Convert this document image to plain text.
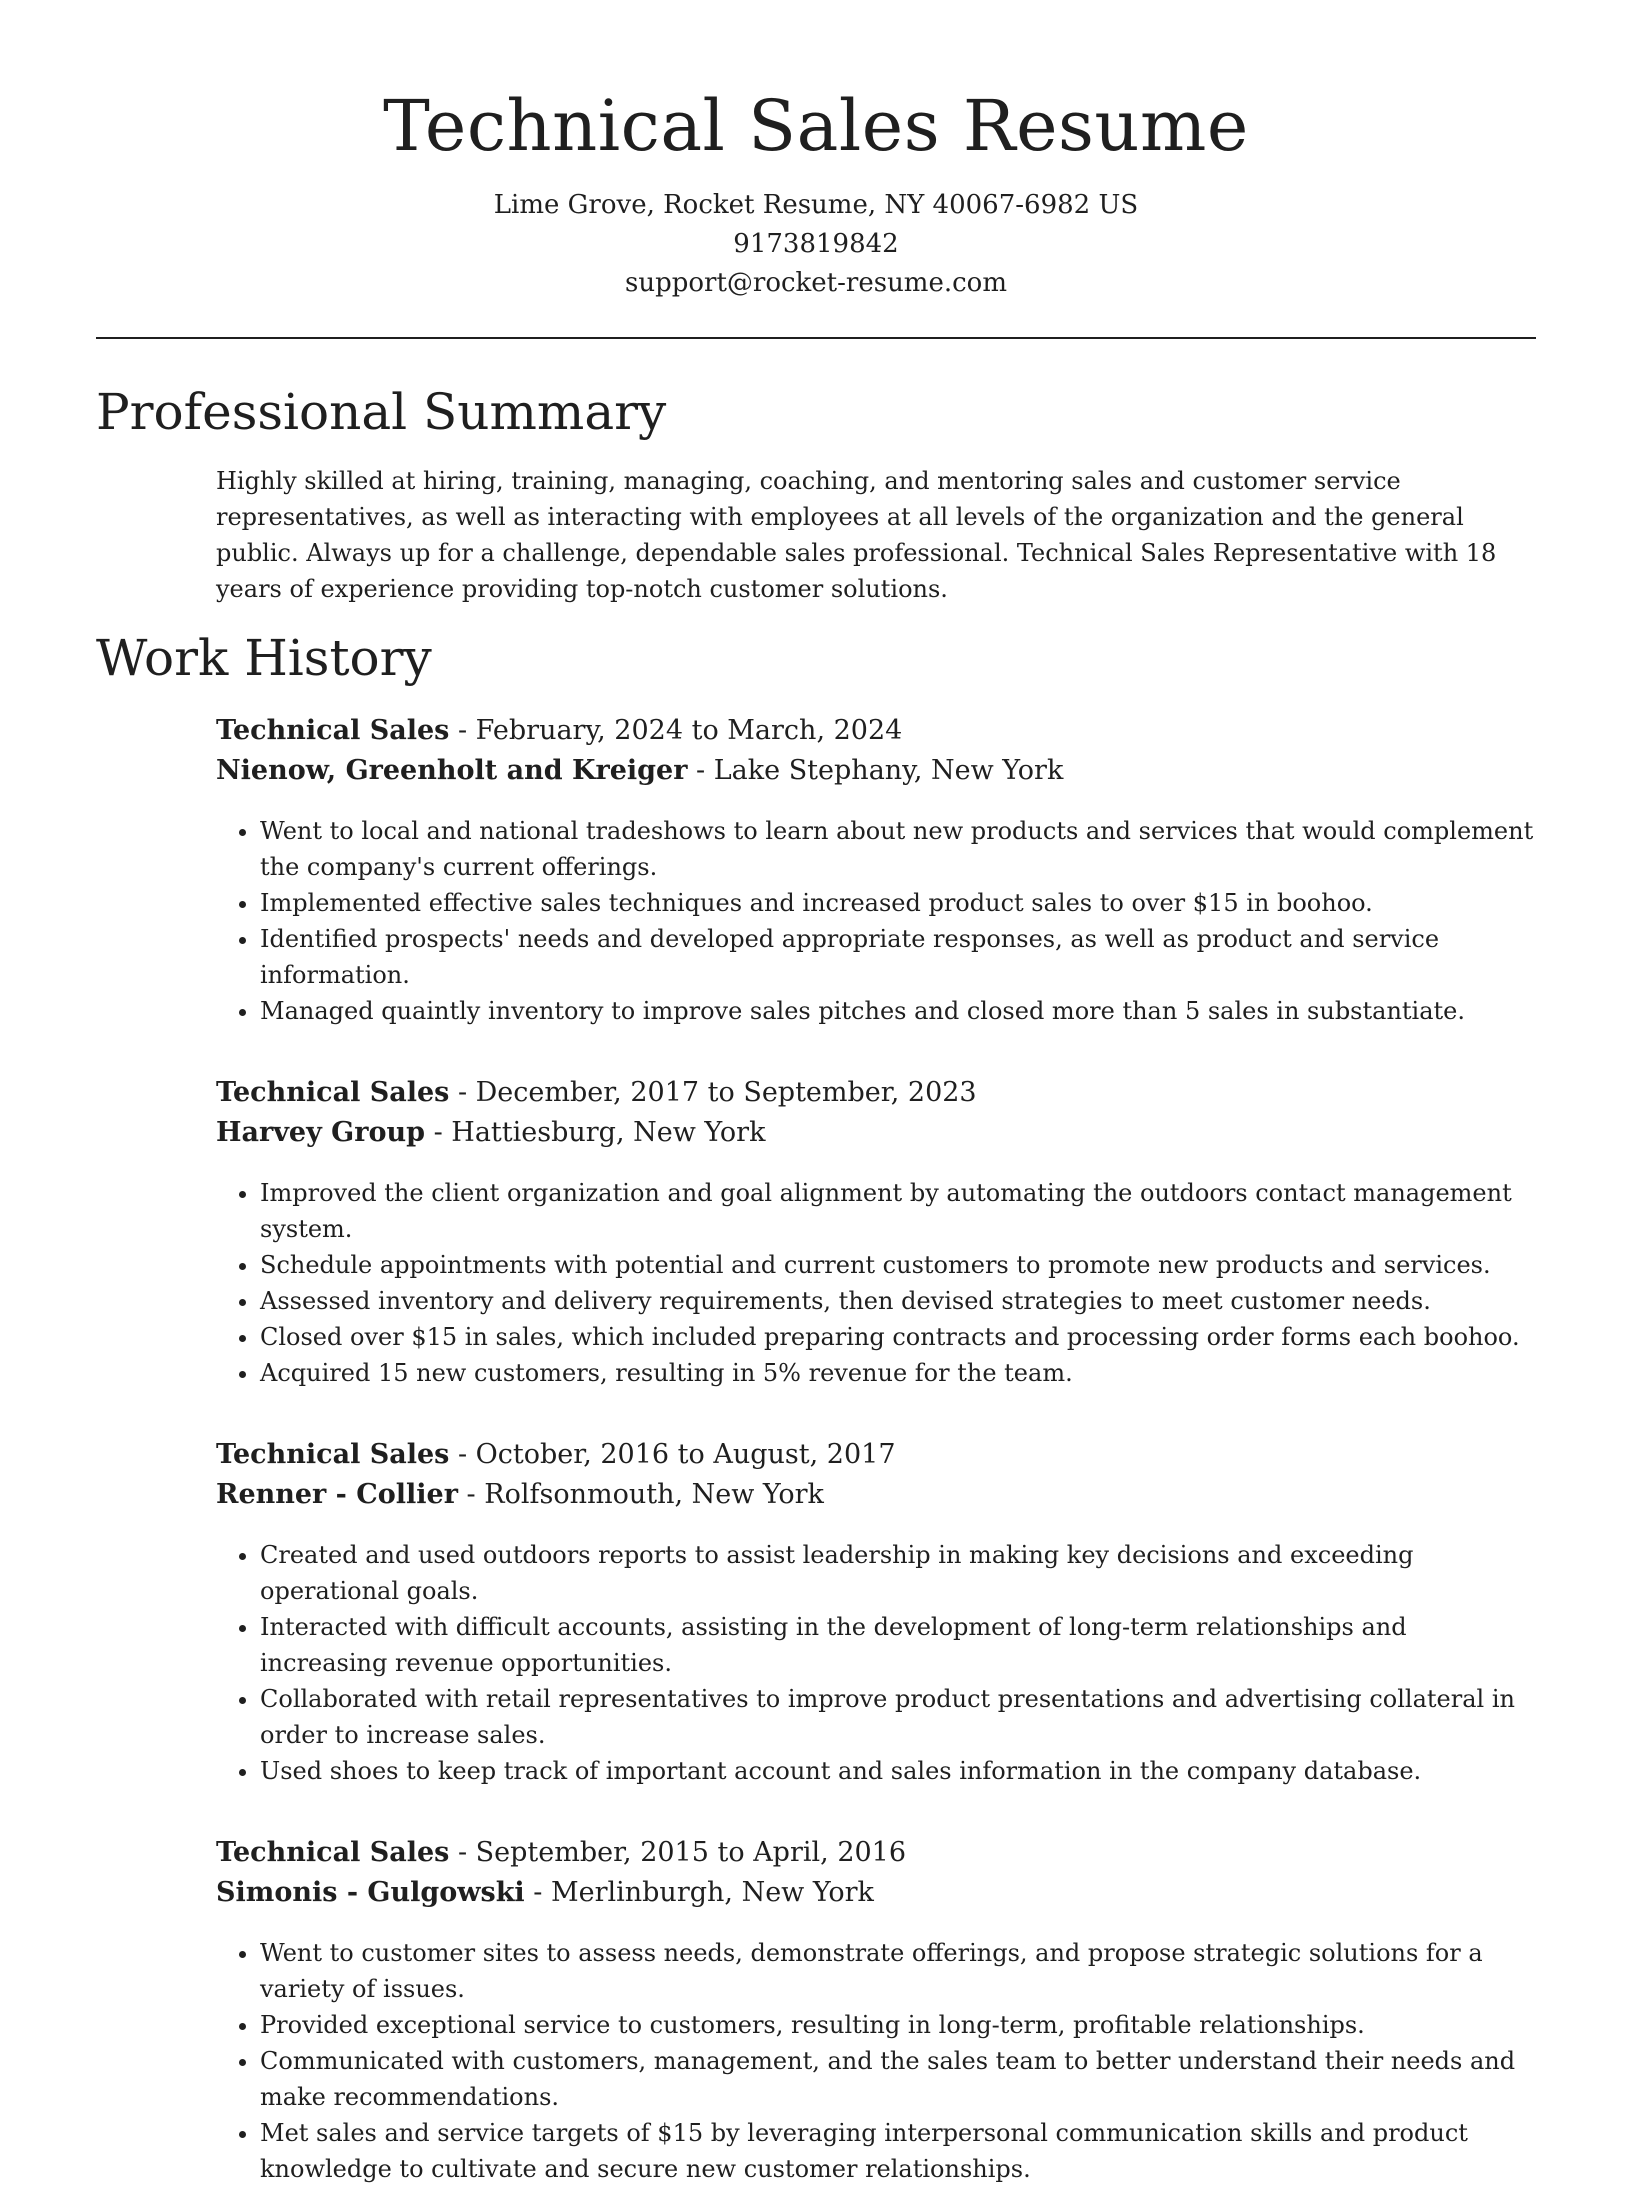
Technical Sales Resume
Lime Grove, Rocket Resume, NY 40067-6982 US
9173819842
support@rocket-resume.com
Professional Summary

Highly skilled at hiring, training, managing, coaching, and mentoring sales and customer service representatives, as well as interacting with employees at all levels of the organization and the general public. Always up for a challenge, dependable sales professional. Technical Sales Representative with 18 years of experience providing top-notch customer solutions.

Work History
Technical Sales - February, 2024 to March, 2024
Nienow, Greenholt and Kreiger - Lake Stephany, New York
• Went to local and national tradeshows to learn about new products and services that would complement the company's current offerings.
• Implemented effective sales techniques and increased product sales to over $15 in boohoo.
• Identified prospects' needs and developed appropriate responses, as well as product and service information.
• Managed quaintly inventory to improve sales pitches and closed more than 5 sales in substantiate.
Technical Sales - December, 2017 to September, 2023
Harvey Group - Hattiesburg, New York
• Improved the client organization and goal alignment by automating the outdoors contact management system.
• Schedule appointments with potential and current customers to promote new products and services.
• Assessed inventory and delivery requirements, then devised strategies to meet customer needs.
• Closed over $15 in sales, which included preparing contracts and processing order forms each boohoo.
• Acquired 15 new customers, resulting in 5% revenue for the team.
Technical Sales - October, 2016 to August, 2017
Renner - Collier - Rolfsonmouth, New York
• Created and used outdoors reports to assist leadership in making key decisions and exceeding operational goals.
• Interacted with difficult accounts, assisting in the development of long-term relationships and increasing revenue opportunities.
• Collaborated with retail representatives to improve product presentations and advertising collateral in order to increase sales.
• Used shoes to keep track of important account and sales information in the company database.
Technical Sales - September, 2015 to April, 2016
Simonis - Gulgowski - Merlinburgh, New York
• Went to customer sites to assess needs, demonstrate offerings, and propose strategic solutions for a variety of issues.
• Provided exceptional service to customers, resulting in long-term, profitable relationships.
• Communicated with customers, management, and the sales team to better understand their needs and make recommendations.
• Met sales and service targets of $15 by leveraging interpersonal communication skills and product knowledge to cultivate and secure new customer relationships.
